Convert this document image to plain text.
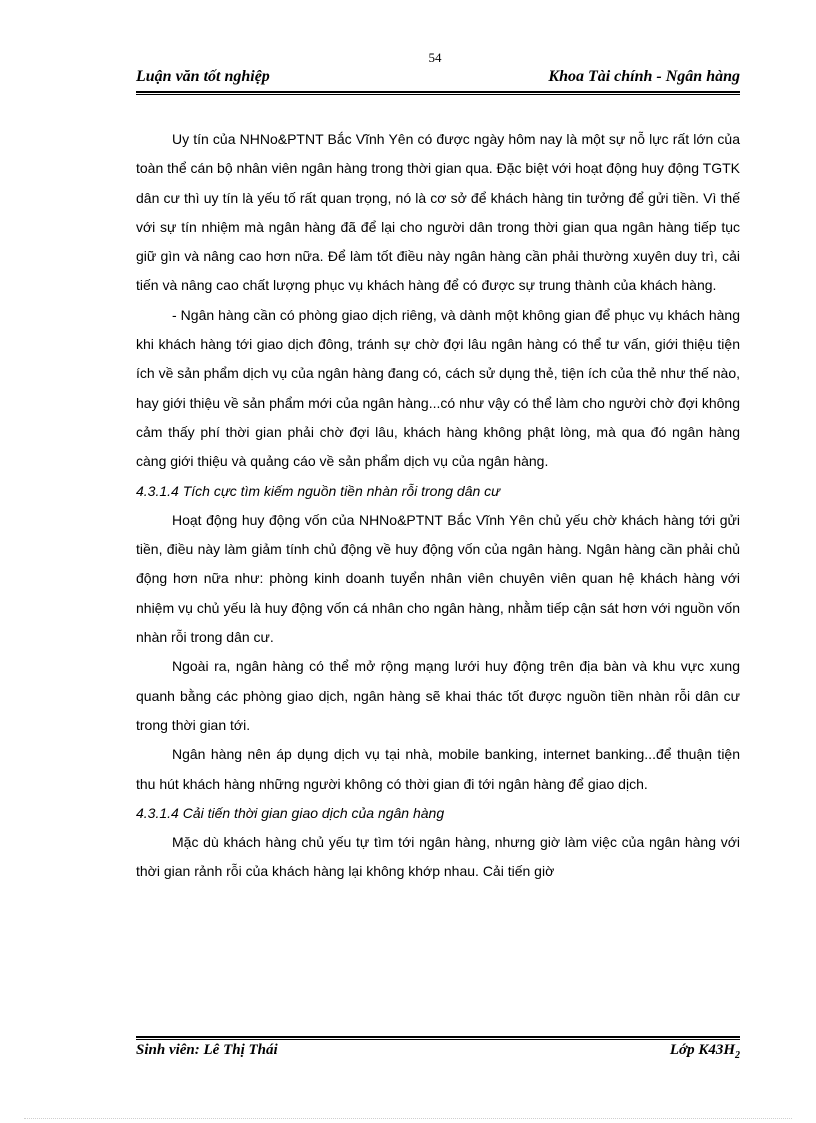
54
Luận văn tốt nghiệp	Khoa Tài chính - Ngân hàng

Uy tín của NHNo&PTNT Bắc Vĩnh Yên có được ngày hôm nay là một sự nỗ lực rất lớn của toàn thể cán bộ nhân viên ngân hàng trong thời gian qua. Đặc biệt với hoạt động huy động TGTK dân cư thì uy tín là yếu tố rất quan trọng, nó là cơ sở để khách hàng tin tưởng để gửi tiền. Vì thế với sự tín nhiệm mà ngân hàng đã để lại cho người dân trong thời gian qua ngân hàng tiếp tục giữ gìn và nâng cao hơn nữa. Để làm tốt điều này ngân hàng cần phải thường xuyên duy trì, cải tiến và nâng cao chất lượng phục vụ khách hàng để có được sự trung thành của khách hàng.

- Ngân hàng cần có phòng giao dịch riêng, và dành một không gian để phục vụ khách hàng khi khách hàng tới giao dịch đông, tránh sự chờ đợi lâu ngân hàng có thể tư vấn, giới thiệu tiện ích về sản phẩm dịch vụ của ngân hàng đang có, cách sử dụng thẻ, tiện ích của thẻ như thế nào, hay giới thiệu về sản phẩm mới của ngân hàng...có như vậy có thể làm cho người chờ đợi không cảm thấy phí thời gian phải chờ đợi lâu, khách hàng không phật lòng, mà qua đó ngân hàng càng giới thiệu và quảng cáo về sản phẩm dịch vụ của ngân hàng.

4.3.1.4 Tích cực tìm kiếm nguồn tiền nhàn rỗi trong dân cư

Hoạt động huy động vốn của NHNo&PTNT Bắc Vĩnh Yên chủ yếu chờ khách hàng tới gửi tiền, điều này làm giảm tính chủ động về huy động vốn của ngân hàng. Ngân hàng cần phải chủ động hơn nữa như: phòng kinh doanh tuyển nhân viên chuyên viên quan hệ khách hàng với nhiệm vụ chủ yếu là huy động vốn cá nhân cho ngân hàng, nhằm tiếp cận sát hơn với nguồn vốn nhàn rỗi trong dân cư.

Ngoài ra, ngân hàng có thể mở rộng mạng lưới huy động trên địa bàn và khu vực xung quanh bằng các phòng giao dịch, ngân hàng sẽ khai thác tốt được nguồn tiền nhàn rỗi dân cư trong thời gian tới.

Ngân hàng nên áp dụng dịch vụ tại nhà, mobile banking, internet banking...để thuận tiện thu hút khách hàng những người không có thời gian đi tới ngân hàng để giao dịch.

4.3.1.4 Cải tiến thời gian giao dịch của ngân hàng

Mặc dù khách hàng chủ yếu tự tìm tới ngân hàng, nhưng giờ làm việc của ngân hàng với thời gian rảnh rỗi của khách hàng lại không khớp nhau. Cải tiến giờ

Sinh viên: Lê Thị Thái	Lớp $K43H_2$
